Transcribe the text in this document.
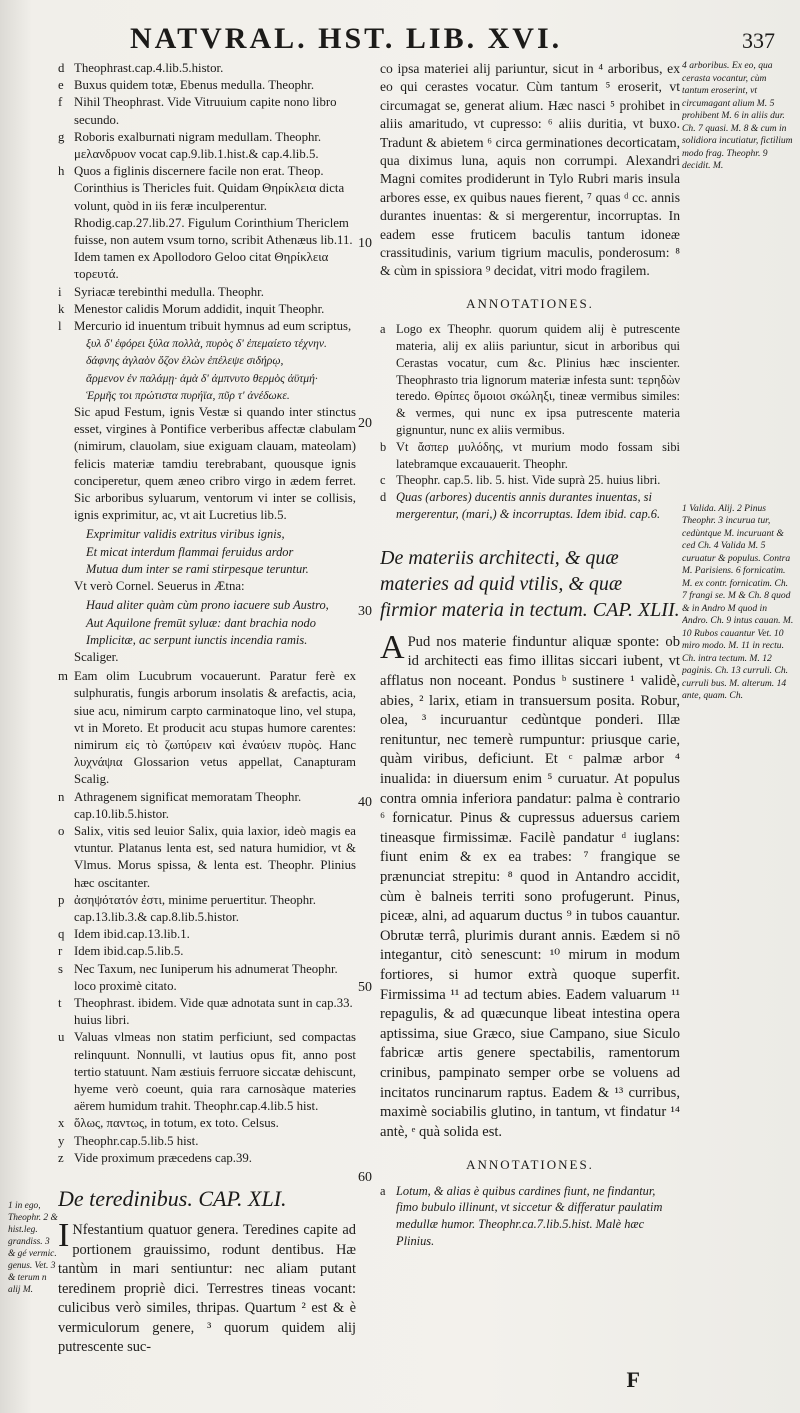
NATVRAL. HST. LIB. XVI.	337
10
20
30
40
50
60
d Theophrast.cap.4.lib.5.histor.
e Buxus quidem totæ, Ebenus medulla. Theophr.
f Nihil Theophrast. Vide Vitruuium capite nono libro secundo.
g Roboris exalburnati nigram medullam. Theophr. μελανδρυον vocat cap.9.lib.1.hist.& cap.4.lib.5.
h Quos a figlinis discernere facile non erat. Theop. Corinthius is Thericles fuit. Quidam Θηρίκλεια dicta volunt, quòd in iis feræ inculperentur. Rhodig.cap.27.lib.27. Figulum Corinthium Thericlem fuisse, non autem vsum torno, scribit Athenæus lib.11. Idem tamen ex Apollodoro Geloo citat Θηρίκλεια τορευτά.
i Syriacæ terebinthi medulla. Theophr.
k Menestor calidis Morum addidit, inquit Theophr.
l Mercurio id inuentum tribuit hymnus ad eum scriptus,
ξυλ δ' ἐφόρει ξύλα πολλὰ, πυρὸς δ' ἐπεμαίετο τέχνην.
δάφνης ἀγλαὸν ὄζον ἑλὼν ἐπέλεψε σιδήρῳ,
ἄρμενον ἐν παλάμῃ· ἀμὰ δ' ἀμπνυτο θερμὸς ἀϋτμή·
Ἑρμῆς τοι πρώτιστα πυρήϊα, πῦρ τ' ἀνέδωκε.
Sic apud Festum, ignis Vestæ si quando inter stinctus esset, virgines à Pontifice verberibus affectæ clabulam (nimirum, clauolam, siue exiguam clauam, mateolam) felicis materiæ tamdiu terebrabant, quousque ignis conciperetur, quem æneo cribro virgo in ædem ferret. Sic arboribus syluarum, ventorum vi inter se collisis, ignis exprimitur, ac, vt ait Lucretius lib.5.
Exprimitur validis extritus viribus ignis,
Et micat interdum flammai feruidus ardor
Mutua dum inter se rami stirpesque teruntur.
Vt verò Cornel. Seuerus in Ætna:
Haud aliter quàm cùm prono iacuere sub Austro,
Aut Aquilone fremūt syluæ: dant brachia nodo
Implicitæ, ac serpunt iunctis incendia ramis.
Scaliger.
m Eam olim Lucubrum vocauerunt. Paratur ferè ex sulphuratis, fungis arborum insolatis & arefactis, acia, siue acu, nimirum carpto carminatoque lino, vel stupa, vt in Moreto. Et producit acu stupas humore carentes: nimirum εἰς τὸ ζωπύρειν καὶ ἐναύειν πυρὸς. Hanc λυχνάψια Glossarion vetus appellat, Canapturam Scalig.
n Athragenem significat memoratam Theophr. cap.10.lib.5.histor.
o Salix, vitis sed leuior Salix, quia laxior, ideò magis ea vtuntur. Platanus lenta est, sed natura humidior, vt & Vlmus. Morus spissa, & lenta est. Theophr. Plinius hæc oscitanter.
p ἀσηψότατόν ἐστι, minime peruertitur. Theophr. cap.13.lib.3.& cap.8.lib.5.histor.
q Idem ibid.cap.13.lib.1.
r Idem ibid.cap.5.lib.5.
s Nec Taxum, nec Iuniperum his adnumerat Theophr. loco proximè citato.
t Theophrast. ibidem. Vide quæ adnotata sunt in cap.33. huius libri.
u Valuas vlmeas non statim perficiunt, sed compactas relinquunt. Nonnulli, vt lautius opus fit, anno post tertio statuunt. Nam æstiuis ferruore siccatæ dehiscunt, hyeme verò coeunt, quia rara carnosàque materies aërem humidum trahit. Theophr.cap.4.lib.5 hist.
x ὅλως, παντως, in totum, ex toto. Celsus.
y Theophr.cap.5.lib.5 hist.
z Vide proximum præcedens cap.39.
De teredinibus. CAP. XLI.
I Nfestantium quatuor genera. Teredines capite ad portionem grauissimo, rodunt dentibus. Hæ tantùm in mari sentiuntur: nec aliam putant teredinem propriè dici. Terrestres tineas vocant: culicibus verò similes, thripas. Quartum ² est & è vermiculorum genere, ³ quorum quidem alij putrescente suc-
1 in ego, Theophr. 2 & hist.leg. grandiss. 3 & gé vermic. genus. Vet. 3 & terum n alij M.
co ipsa materiei alij pariuntur, sicut in ⁴ arboribus, ex eo qui cerastes vocatur. Cùm tantum ⁵ eroserit, vt circumagat se, generat alium. Hæc nasci ⁵ prohibet in aliis amaritudo, vt cupresso: ⁶ aliis duritia, vt buxo. Tradunt & abietem ⁶ circa germinationes decorticatam, qua diximus luna, aquis non corrumpi. Alexandri Magni comites prodiderunt in Tylo Rubri maris insula arbores esse, ex quibus naues fierent, ⁷ quas ᵈ cc. annis durantes inuentas: & si mergerentur, incorruptas. In eadem esse fruticem baculis tantum idoneæ crassitudinis, varium tigrium maculis, ponderosum: ⁸ & cùm in spissiora ⁹ decidat, vitri modo fragilem.
ANNOTATIONES.
a Logo ex Theophr. quorum quidem alij è putrescente materia, alij ex aliis pariuntur, sicut in arboribus qui Cerastas vocatur, cum &c. Plinius hæc inscienter. Theophrasto tria lignorum materiæ infesta sunt: τερηδὼν teredo. Θρίπες ὅμοιοι σκώληξι, tineæ vermibus similes: & vermes, qui nunc ex ipsa putrescente materia gignuntur, nunc ex aliis vermibus.
b Vt ἄσπερ μυλόδης, vt murium modo fossam sibi latebramque excauauerit. Theophr.
c Theophr. cap.5. lib. 5. hist. Vide suprà 25. huius libri.
d Quas (arbores) ducentis annis durantes inuentas, si mergerentur, (mari,) & incorruptas. Idem ibid. cap.6.
De materiis architecti, & quæ materies ad quid vtilis, & quæ firmior materia in tectum. CAP. XLII.
A Pud nos materie finduntur aliquæ sponte: ob id architecti eas fimo illitas siccari iubent, vt afflatus non noceant. Pondus ᵇ sustinere ¹ validè, abies, ² larix, etiam in transuersum posita. Robur, olea, ³ incuruantur cedùntque ponderi. Illæ renituntur, nec temerè rumpuntur: priusque carie, quàm viribus, deficiunt. Et ᶜ palmæ arbor ⁴ inualida: in diuersum enim ⁵ curuatur. At populus contra omnia inferiora pandatur: palma è contrario ⁶ fornicatur. Pinus & cupressus aduersus cariem tineasque firmissimæ. Facilè pandatur ᵈ iuglans: fiunt enim & ex ea trabes: ⁷ frangique se prænunciat strepitu: ⁸ quod in Antandro accidit, cùm è balneis territi sono profugerunt. Pinus, piceæ, alni, ad aquarum ductus ⁹ in tubos cauantur. Obrutæ terrâ, plurimis durant annis. Eædem si nō integantur, citò senescunt: ¹⁰ mirum in modum fortiores, si humor extrà quoque superfit. Firmissima ¹¹ ad tectum abies. Eadem valuarum ¹¹ repagulis, & ad quæcunque libeat intestina opera aptissima, siue Græco, siue Campano, siue Siculo fabricæ artis genere spectabilis, ramentorum crinibus, pampinato semper orbe se voluens ad incitatos runcinarum raptus. Eadem & ¹³ curribus, maximè sociabilis glutino, in tantum, vt findatur ¹⁴ antè, ᵉ quà solida est.
ANNOTATIONES.
a Lotum, & alias è quibus cardines fiunt, ne findantur, fimo bubulo illinunt, vt siccetur & differatur paulatim medullæ humor. Theophr.ca.7.lib.5.hist. Malè hæc Plinius.
4 arboribus. Ex eo, qua cerasta vocantur, cùm tantum eroserint, vt circumagant alium M. 5 prohibent M. 6 in aliis dur. Ch. 7 quasi. M. 8 & cum in solidiora incutiatur, fictilium modo frag. Theophr. 9 decidit. M.
1 Valida. Alij. 2 Pinus Theophr. 3 incurua tur, cedùntque M. incuruant & ced Ch. 4 Valida M. 5 curuatur & populus. Contra M. Parisiens. 6 fornicatim. M. ex contr. fornicatim. Ch. 7 frangi se. M & Ch. 8 quod & in Andro M quod in Andro. Ch. 9 intus cauan. M. 10 Rubos cauantur Vet. 10 miro modo. M. 11 in rectu. Ch. intra tectum. M. 12 paginis. Ch. 13 curruli. Ch. curruli bus. M. alterum. 14 ante, quam. Ch.
F
